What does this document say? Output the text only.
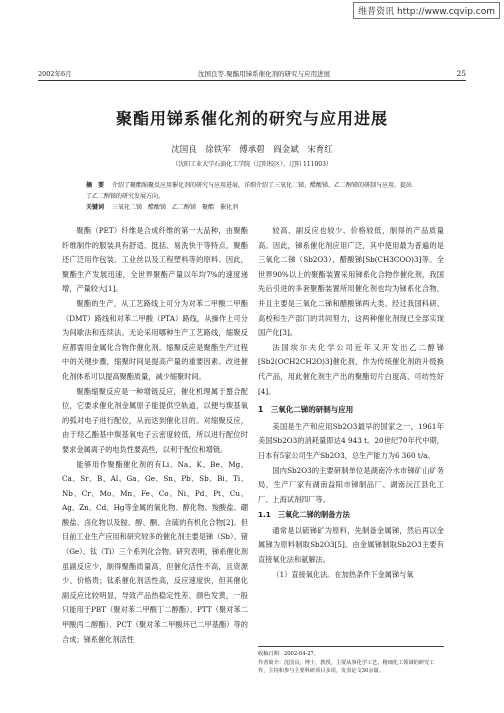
维普资讯 http://www.cqvip.com
2002年6月	沈国良等.聚酯用锑系催化剂的研究与应用进展	25
聚酯用锑系催化剂的研究与应用进展
沈国良　徐铁军　傅承碧　阎金斌　宋育红
（沈阳工业大学石油化工学院（辽阳校区），辽阳 111003）
摘　要 介绍了聚酯缩聚反应用催化剂的研究与应用进展，详细介绍了三氧化二锑、醋酸锑、乙二醇锑的研制与应用，提出了乙二醇锑的研究发展方向。
关键词 三氧化二锑　醋酸锑　乙二醇锑　聚酯　催化剂

聚酯（PET）纤维是合成纤维的第一大品种，由聚酯纤维制作的服装具有舒适、挺括、易洗快干等特点。聚酯还广泛用作包装、工业丝以及工程塑料等的原料。因此，聚酯生产发展迅速，全世界聚酯产量以年均7%的速度递增，产量较大[1]。

聚酯的生产，从工艺路线上可分为对苯二甲酸二甲酯（DMT）路线和对苯二甲酸（PTA）路线，从操作上可分为间歇法和连续法。无论采用哪种生产工艺路线，缩聚反应都需用金属化合物作催化剂。缩聚反应是聚酯生产过程中的关键步骤，缩聚时间是提高产量的重要因素。改进催化剂体系可以提高聚酯质量，减少缩聚时间。

聚酯缩聚反应是一种增链反应，催化机理属于螯合配位，它要求催化剂金属原子能提供空轨道，以便与羰基氧的弧对电子进行配位，从而达到催化目的。对缩聚反应，由于羟乙酯基中羰基氧电子云密度较低，所以进行配位时要求金属离子的电负性要高些，以利于配位和增链。

能够用作聚酯催化剂的有Li、Na、K、Be、Mg、Ca、Sr、B、Al、Ga、Ge、Sn、Pb、Sb、Bi、Ti、Nb、Cr、Mo、Mn、Fe、Co、Ni、Pd、Pt、Cu、Ag、Zn、Cd、Hg等金属的氧化物、醇化物、羧酸盐、硼酸盐、卤化物以及胺、醇、酮、含硫的有机化合物[2]。但目前工业生产应用和研究较多的催化剂主要是锑（Sb）、锗（Ge）、钛（Ti）三个系列化合物。研究表明，锑系催化剂虽副反应少，制得聚酯质量高，但催化活性不高，且资源少、价格贵；钛系催化剂活性高，反应速度快，但其催化副反应比较明显，导致产品热稳定性差、颜色发黄，一般只能用于PBT（聚对苯二甲酸丁二醇酯）、PTT（聚对苯二甲酸丙二醇酯）、PCT（聚对苯二甲酸环已二甲基酯）等的合成；锑系催化剂活性

较高、副反应也较少、价格较低，制得的产品质量高。因此，锑系催化剂应用广泛，其中使用最为普遍的是三氧化二锑（Sb2O3）、醋酸锑[Sb(CH3COO)3]等。全世界90%以上的聚酯装置采用锑系化合物作催化剂，我国先后引进的多套聚酯装置所用催化剂也均为锑系化合物，并且主要是三氧化二锑和醋酸锑两大类。经过我国科研、高校和生产部门的共同努力，这两种催化剂现已全部实现国产化[3]。

法国埃尔夫化学公司近年又开发出乙二醇锑[Sb2(OCH2CH2O)3]催化剂，作为传统催化剂的升级换代产品，用此催化剂生产出的聚酯切片白度高、可纺性好[4]。

1　三氧化二锑的研制与应用

美国是生产和应用Sb2O3最早的国家之一，1961年美国Sb2O3的消耗量即达4 943 t。20世纪70年代中期，日本有5家公司生产Sb2O3，总生产能力为6 360 t/a。

国内Sb2O3的主要研制单位是湖南冷水市锑矿山矿务局，生产厂家有湖南益阳市锑制品厂、湖南沅江县化工厂、上海试剂四厂等。

1.1　三氧化二锑的制备方法

通常是以硫锑矿为原料，先制备金属锑，然后再以金属锑为原料制取Sb2O3[5]。由金属锑制取Sb2O3主要有直接氧化法和氨解法。

（1）直接氧化法。在加热条件下金属锑与氧

收稿日期：2002-04-27。
作者简介：沈国良，博士，教授，主要从事化学工艺、精细化工领域的研究工作，主持和参与主要科研项目多项，发表论文30余篇。
